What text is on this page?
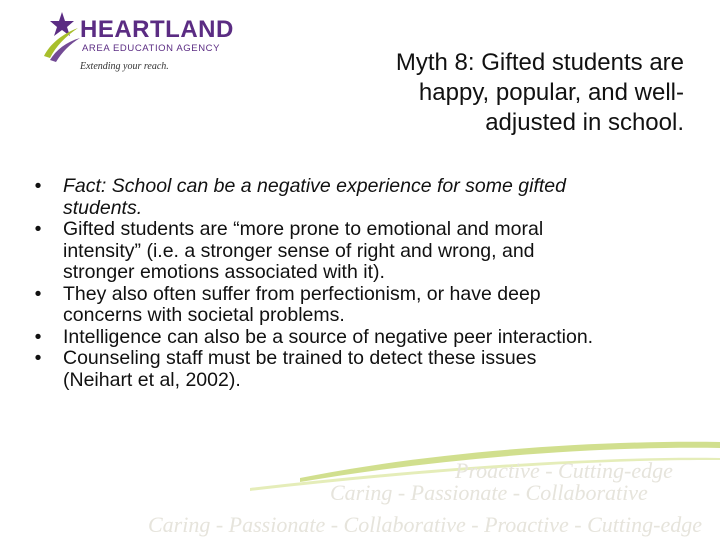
Proactive - Cutting-edge
Caring - Passionate - Collaborative
Caring - Passionate - Collaborative - Proactive - Cutting-edge
HEARTLAND
AREA EDUCATION AGENCY
Extending your reach.	Myth 8: Gifted students are happy, popular, and well-adjusted in school.
•	Fact: School can be a negative experience for some gifted students.
•	Gifted students are “more prone to emotional and moral intensity” (i.e. a stronger sense of right and wrong, and stronger emotions associated with it).
•	They also often suffer from perfectionism, or have deep concerns with societal problems.
•	Intelligence can also be a source of negative peer interaction.
•	Counseling staff must be trained to detect these issues (Neihart et al, 2002).
